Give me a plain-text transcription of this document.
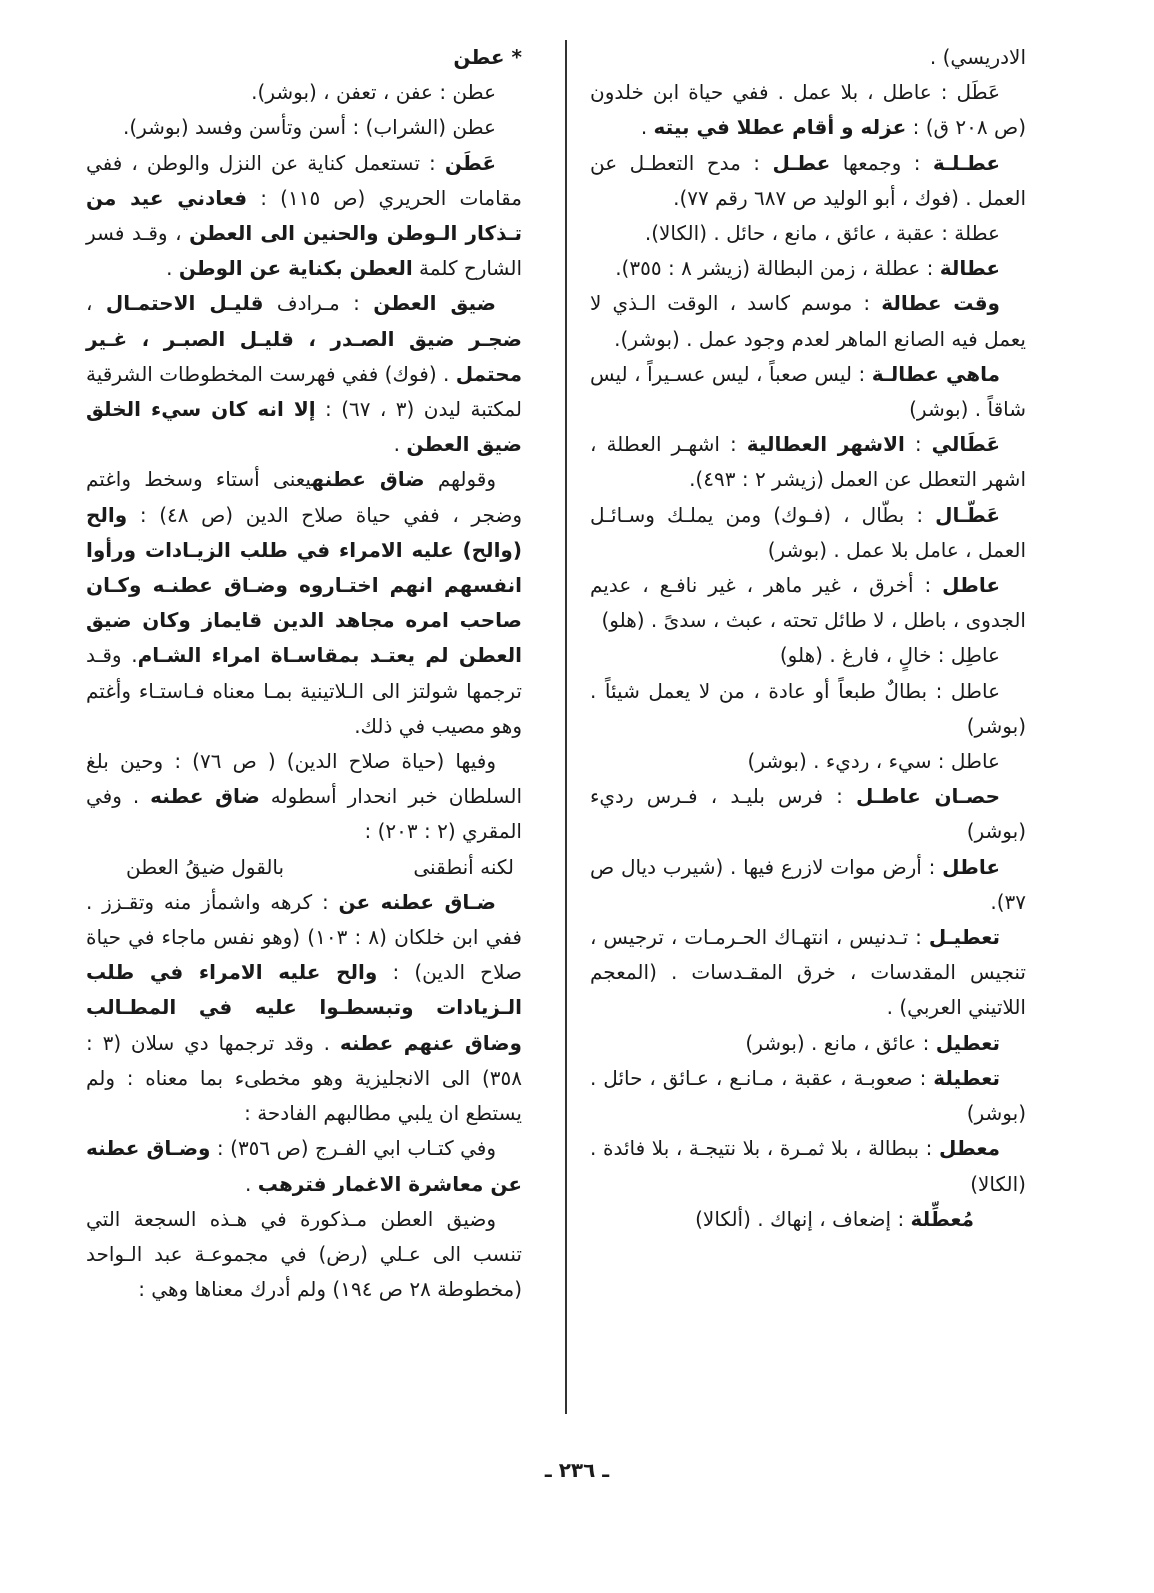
الادريسي) .
عَطَل : عاطل ، بلا عمل . ففي حياة ابن خلدون (ص ٢٠٨ ق) : عزله و أقام عطلا في بيته .
عطـلـة : وجمعها عطـل : مدح التعطـل عن العمل . (فوك ، أبو الوليد ص ٦٨٧ رقم ٧٧).
عطلة : عقبة ، عائق ، مانع ، حائل . (الكالا).
عطالة : عطلة ، زمن البطالة (زيشر ٨ : ٣٥٥).
وقت عطالة : موسم كاسد ، الوقت الـذي لا يعمل فيه الصانع الماهر لعدم وجود عمل . (بوشر).
ماهي عطالـة : ليس صعباً ، ليس عسـيراً ، ليس شاقاً . (بوشر)
عَطَالي : الاشهر العطالية : اشهـر العطلة ، اشهر التعطل عن العمل (زيشر ٢ : ٤٩٣).
عَطّـال : بطّال ، (فـوك) ومن يملـك وسـائـل العمل ، عامل بلا عمل . (بوشر)
عاطل : أخرق ، غير ماهر ، غير نافـع ، عديم الجدوى ، باطل ، لا طائل تحته ، عبث ، سدىً . (هلو)
عاطِل : خالٍ ، فارغ . (هلو)
عاطل : بطالٌ طبعاً أو عادة ، من لا يعمل شيئاً . (بوشر)
عاطل : سيء ، رديء . (بوشر)
حصـان عاطـل : فرس بليـد ، فـرس رديء (بوشر)
عاطل : أرض موات لازرع فيها . (شيرب ديال ص ٣٧).
تعطيـل : تـدنيس ، انتهـاك الحـرمـات ، ترجيس ، تنجيس المقدسات ، خرق المقـدسات . (المعجم اللاتيني العربي) .
تعطيل : عائق ، مانع . (بوشر)
تعطيلة : صعوبـة ، عقبة ، مـانـع ، عـائق ، حائل . (بوشر)
معطل : ببطالة ، بلا ثمـرة ، بلا نتيجـة ، بلا فائدة . (الكالا)
مُعطِّلة : إضعاف ، إنهاك . (ألكالا)
* عطن
عطن : عفن ، تعفن ، (بوشر).
عطن (الشراب) : أسن وتأسن وفسد (بوشر).
عَطَن : تستعمل كناية عن النزل والوطن ، ففي مقامات الحريري (ص ١١٥) : فعادني عيد من تـذكار الـوطن والحنين الى العطن ، وقـد فسر الشارح كلمة العطن بكناية عن الوطن .
ضيق العطن : مـرادف قليـل الاحتمـال ، ضجـر ضيق الصـدر ، قليـل الصبـر ، غـير محتمل . (فوك) ففي فهرست المخطوطات الشرقية لمكتبة ليدن (٣ ، ٦٧) : إلا انه كان سيء الخلق ضيق العطن .
وقولهم ضاق عطنهيعنى أستاء وسخط واغتم وضجر ، ففي حياة صلاح الدين (ص ٤٨) : والح (والح) عليه الامراء في طلب الزيـادات ورأوا انفسهم انهم اختـاروه وضـاق عطنـه وكـان صاحب امره مجاهد الدين قايماز وكان ضيق العطن لم يعتـد بمقاسـاة امراء الشـام. وقـد ترجمها شولتز الى الـلاتينية بمـا معناه فـاستـاء وأغتم وهو مصيب في ذلك.
وفيها (حياة صلاح الدين) ( ص ٧٦) : وحين بلغ السلطان خبر انحدار أسطوله ضاق عطنه . وفي المقري (٢ : ٢٠٣) :
لكنه أنطقنى
بالقول ضيقُ العطن
ضـاق عطنه عن : كرهه واشمأز منه وتقـزز . ففي ابن خلكان (٨ : ١٠٣) (وهو نفس ماجاء في حياة صلاح الدين) : والح عليه الامراء في طلب الـزيادات وتبسطـوا عليه في المطـالب وضاق عنهم عطنه . وقد ترجمها دي سلان (٣ : ٣٥٨) الى الانجليزية وهو مخطىء بما معناه : ولم يستطع ان يلبي مطالبهم الفادحة :
وفي كتـاب ابي الفـرج (ص ٣٥٦) : وضـاق عطنه عن معاشرة الاغمار فترهب .
وضيق العطن مـذكورة في هـذه السجعة التي تنسب الى عـلي (رض) في مجموعـة عبد الـواحد (مخطوطة ٢٨ ص ١٩٤) ولم أدرك معناها وهي :
ـ ٢٣٦ ـ
